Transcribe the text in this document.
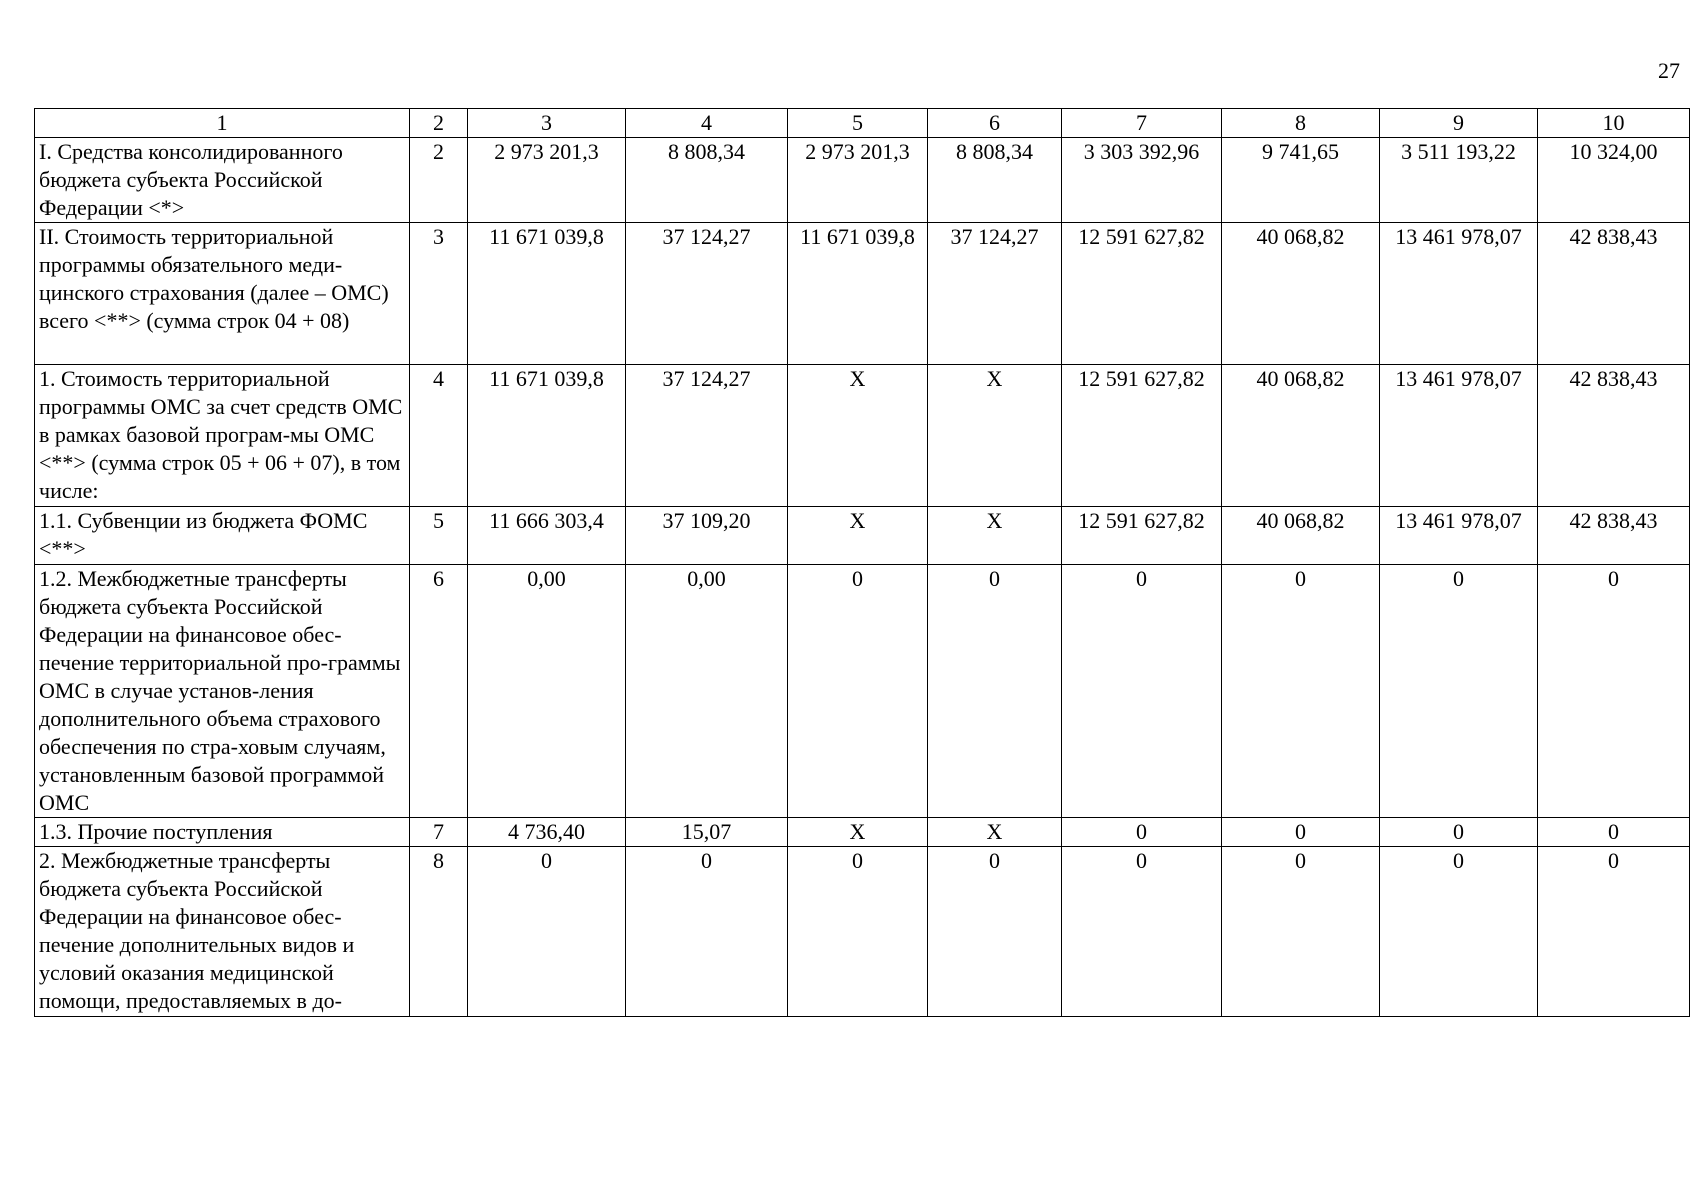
27
1	2	3	4	5	6	7	8	9	10
I. Средства консолидированного бюджета субъекта Российской Федерации <*>	2	2 973 201,3	8 808,34	2 973 201,3	8 808,34	3 303 392,96	9 741,65	3 511 193,22	10 324,00
II. Стоимость территориальной программы обязательного меди-цинского страхования (далее – ОМС) всего <**> (сумма строк 04 + 08)	3	11 671 039,8	37 124,27	11 671 039,8	37 124,27	12 591 627,82	40 068,82	13 461 978,07	42 838,43
1. Стоимость территориальной программы ОМС за счет средств ОМС в рамках базовой програм-мы ОМС <**> (сумма строк 05 + 06 + 07), в том числе:	4	11 671 039,8	37 124,27	Х	Х	12 591 627,82	40 068,82	13 461 978,07	42 838,43
1.1. Субвенции из бюджета ФОМС <**>	5	11 666 303,4	37 109,20	Х	Х	12 591 627,82	40 068,82	13 461 978,07	42 838,43
1.2. Межбюджетные трансферты бюджета субъекта Российской Федерации на финансовое обес-печение территориальной про-граммы ОМС в случае установ-ления дополнительного объема страхового обеспечения по стра-ховым случаям, установленным базовой программой ОМС	6	0,00	0,00	0	0	0	0	0	0
1.3. Прочие поступления	7	4 736,40	15,07	Х	Х	0	0	0	0
2. Межбюджетные трансферты бюджета субъекта Российской Федерации на финансовое обес-печение дополнительных видов и условий оказания медицинской помощи, предоставляемых в до-	8	0	0	0	0	0	0	0	0
